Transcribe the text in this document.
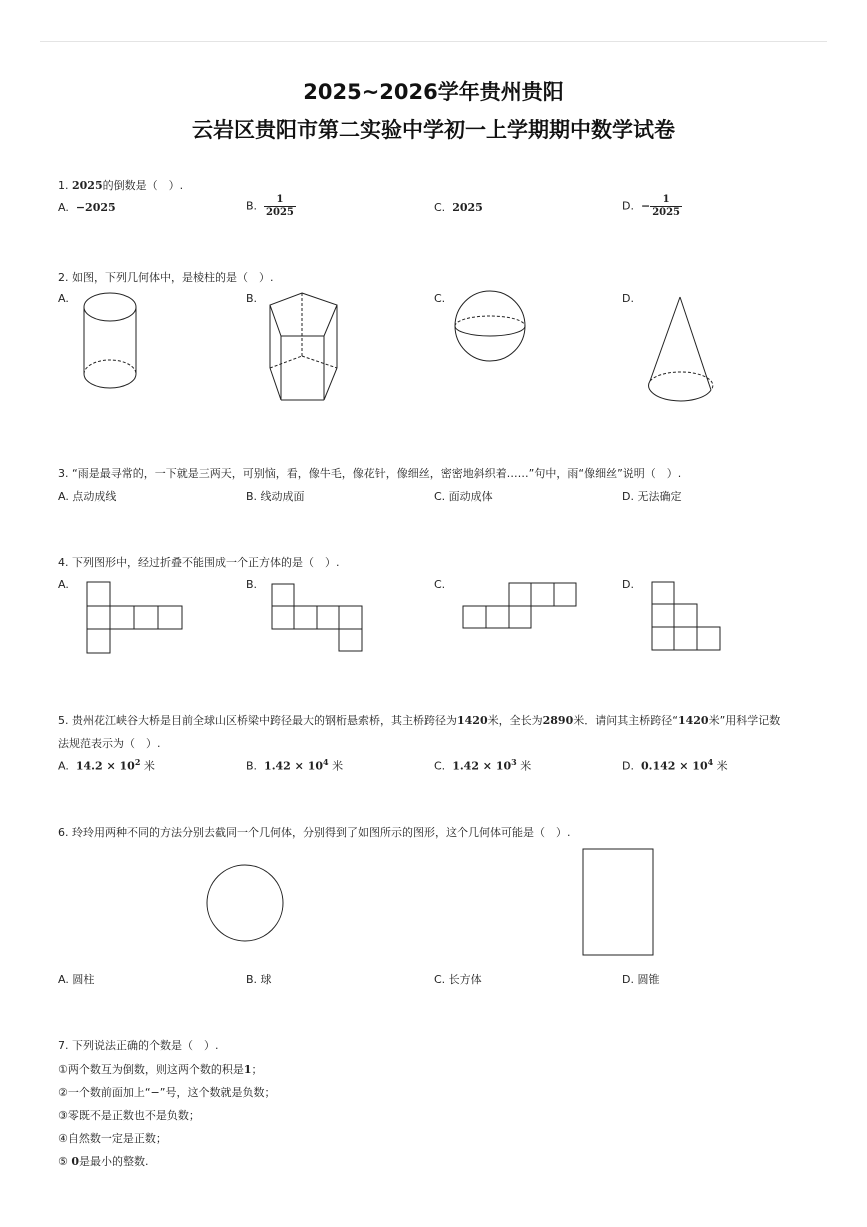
2025~2026学年贵州贵阳
云岩区贵阳市第二实验中学初一上学期期中数学试卷
1. 2025的倒数是（　）.
A. −2025	B. $\frac{1}{2025}$	C. 2025	D. − $\frac{1}{2025}$
2. 如图，下列几何体中，是棱柱的是（　）.
A.	B.	C.	D.
3. “雨是最寻常的，一下就是三两天，可别恼，看，像牛毛，像花针，像细丝，密密地斜织着……”句中，雨“像细丝”说明（　）.
A. 点动成线	B. 线动成面	C. 面动成体	D. 无法确定
4. 下列图形中，经过折叠不能围成一个正方体的是（　）.
A.	B.	C.	D.
5. 贵州花江峡谷大桥是目前全球山区桥梁中跨径最大的钢桁悬索桥，其主桥跨径为1420米，全长为2890米．请问其主桥跨径“1420米”用科学记数
法规范表示为（　）.
A. $14.2 \times 10^2$ 米	B. $1.42 \times 10^4$ 米	C. $1.42 \times 10^3$ 米	D. $0.142 \times 10^4$ 米
6. 玲玲用两种不同的方法分别去截同一个几何体，分别得到了如图所示的图形，这个几何体可能是（　）.
A. 圆柱	B. 球	C. 长方体	D. 圆锥
7. 下列说法正确的个数是（　）.
①两个数互为倒数，则这两个数的积是1；
②一个数前面加上“−”号，这个数就是负数；
③零既不是正数也不是负数；
④自然数一定是正数；
⑤ 0是最小的整数.
